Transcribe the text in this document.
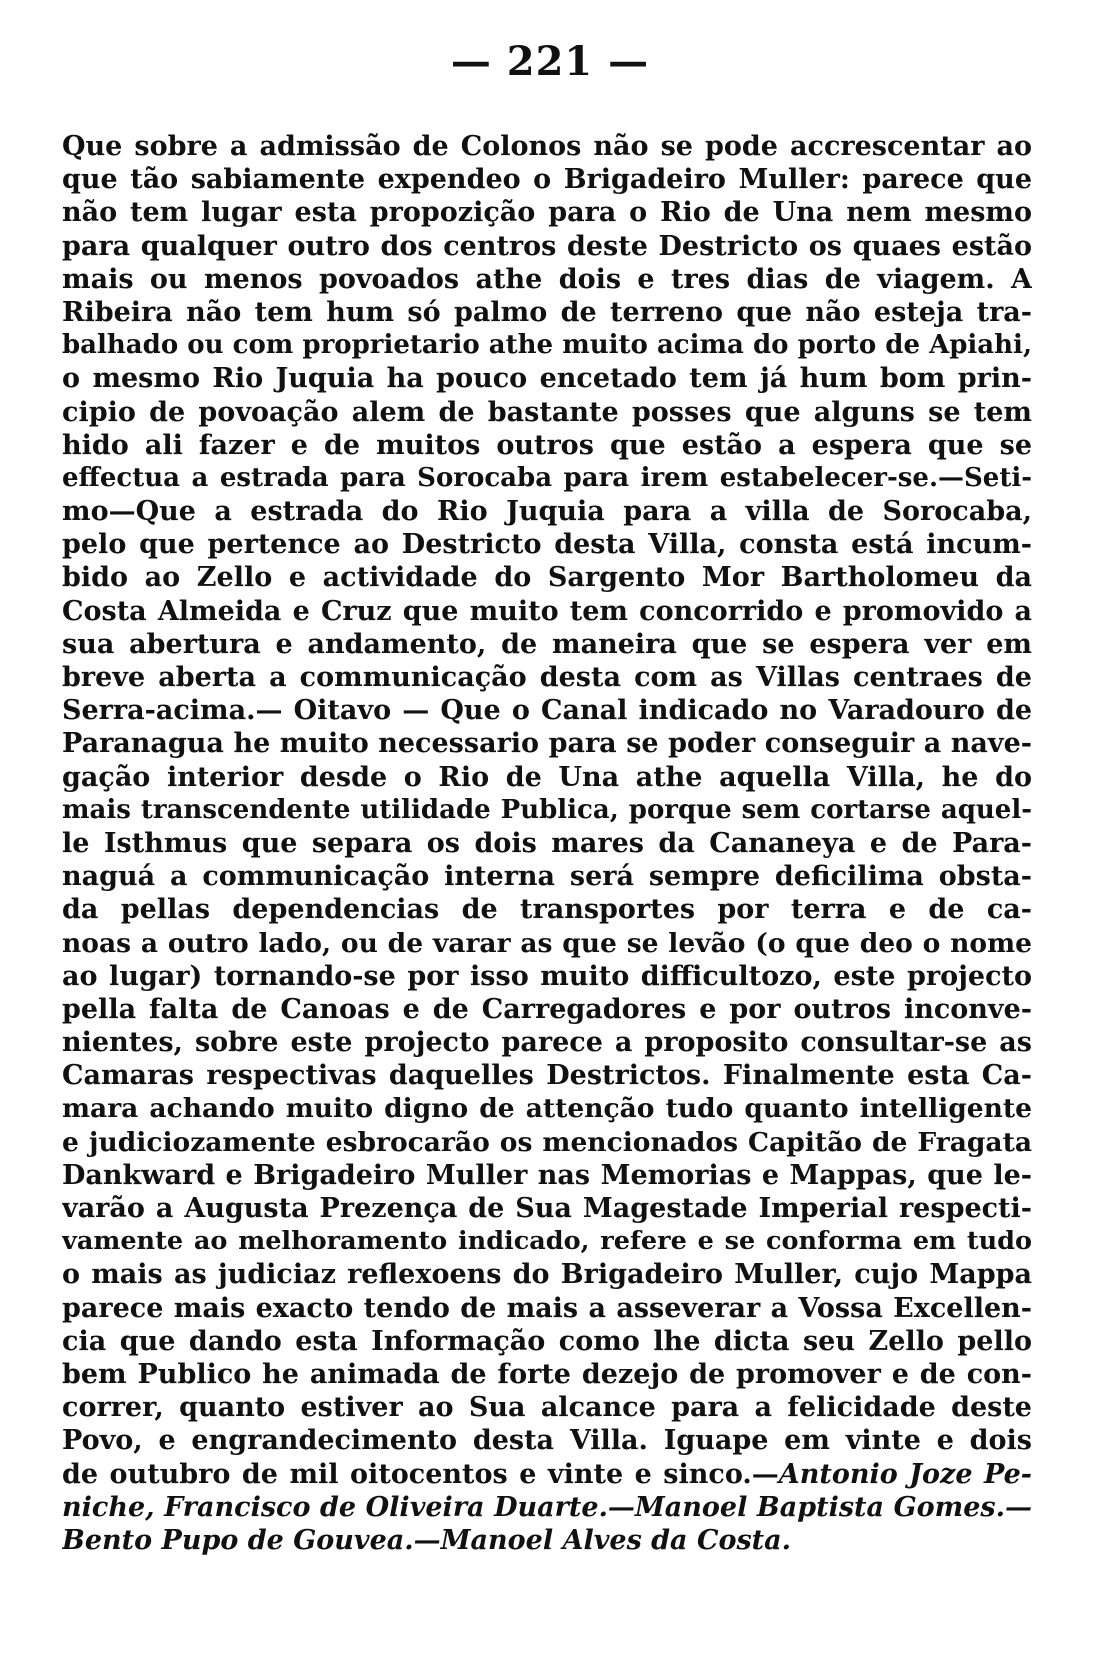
— 221 —
Que sobre a admissão de Colonos não se pode accrescentar ao
que tão sabiamente expendeo o Brigadeiro Muller: parece que
não tem lugar esta propozição para o Rio de Una nem mesmo
para qualquer outro dos centros deste Destricto os quaes estão
mais ou menos povoados athe dois e tres dias de viagem. A
Ribeira não tem hum só palmo de terreno que não esteja tra-
balhado ou com proprietario athe muito acima do porto de Apiahi,
o mesmo Rio Juquia ha pouco encetado tem já hum bom prin-
cipio de povoação alem de bastante posses que alguns se tem
hido ali fazer e de muitos outros que estão a espera que se
effectua a estrada para Sorocaba para irem estabelecer-se.—Seti-
mo—Que a estrada do Rio Juquia para a villa de Sorocaba,
pelo que pertence ao Destricto desta Villa, consta está incum-
bido ao Zello e actividade do Sargento Mor Bartholomeu da
Costa Almeida e Cruz que muito tem concorrido e promovido a
sua abertura e andamento, de maneira que se espera ver em
breve aberta a communicação desta com as Villas centraes de
Serra-acima.— Oitavo — Que o Canal indicado no Varadouro de
Paranagua he muito necessario para se poder conseguir a nave-
gação interior desde o Rio de Una athe aquella Villa, he do
mais transcendente utilidade Publica, porque sem cortarse aquel-
le Isthmus que separa os dois mares da Cananeya e de Para-
naguá a communicação interna será sempre deficilima obsta-
da pellas dependencias de transportes por terra e de ca-
noas a outro lado, ou de varar as que se levão (o que deo o nome
ao lugar) tornando-se por isso muito difficultozo, este projecto
pella falta de Canoas e de Carregadores e por outros inconve-
nientes, sobre este projecto parece a proposito consultar-se as
Camaras respectivas daquelles Destrictos. Finalmente esta Ca-
mara achando muito digno de attenção tudo quanto intelligente
e judiciozamente esbrocarão os mencionados Capitão de Fragata
Dankward e Brigadeiro Muller nas Memorias e Mappas, que le-
varão a Augusta Prezença de Sua Magestade Imperial respecti-
vamente ao melhoramento indicado, refere e se conforma em tudo
o mais as judiciaz reflexoens do Brigadeiro Muller, cujo Mappa
parece mais exacto tendo de mais a asseverar a Vossa Excellen-
cia que dando esta Informação como lhe dicta seu Zello pello
bem Publico he animada de forte dezejo de promover e de con-
correr, quanto estiver ao Sua alcance para a felicidade deste
Povo, e engrandecimento desta Villa. Iguape em vinte e dois
de outubro de mil oitocentos e vinte e sinco.—Antonio Joze Pe-
niche, Francisco de Oliveira Duarte.—Manoel Baptista Gomes.—
Bento Pupo de Gouvea.—Manoel Alves da Costa.
